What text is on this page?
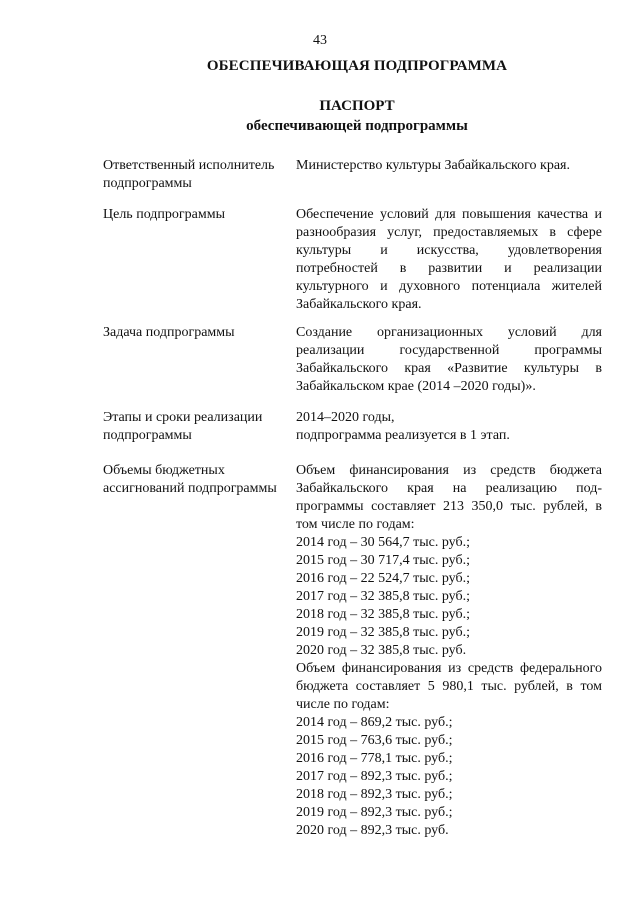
43
ОБЕСПЕЧИВАЮЩАЯ ПОДПРОГРАММА
ПАСПОРТ
обеспечивающей подпрограммы
Ответственный исполнитель подпрограммы
Министерство культуры Забайкальского края.
Цель подпрограммы	Обеспечение условий для повышения качества и разнообразия услуг, предоставляемых в сфере культуры и искусства, удовлетворения потребностей в развитии и реализации культурного и духовного потенциала жителей Забайкальского края.
Задача подпрограммы	Создание организационных условий для реализации государственной программы Забайкальского края «Развитие культуры в Забайкальском крае (2014 –2020 годы)».
Этапы и сроки реализации подпрограммы
2014–2020 годы,
подпрограмма реализуется в 1 этап.
Объемы бюджетных ассигнований подпрограммы

Объем финансирования из средств бюджета Забайкальского края на реализацию под-программы составляет 213 350,0 тыс. рублей, в том числе по годам:

2014 год – 30 564,7 тыс. руб.;
2015 год – 30 717,4 тыс. руб.;
2016 год – 22 524,7 тыс. руб.;
2017 год – 32 385,8 тыс. руб.;
2018 год – 32 385,8 тыс. руб.;
2019 год – 32 385,8 тыс. руб.;
2020 год – 32 385,8 тыс. руб.

Объем финансирования из средств федерального бюджета составляет 5 980,1 тыс. рублей, в том числе по годам:

2014 год – 869,2 тыс. руб.;
2015 год – 763,6 тыс. руб.;
2016 год – 778,1 тыс. руб.;
2017 год – 892,3 тыс. руб.;
2018 год – 892,3 тыс. руб.;
2019 год – 892,3 тыс. руб.;
2020 год – 892,3 тыс. руб.
